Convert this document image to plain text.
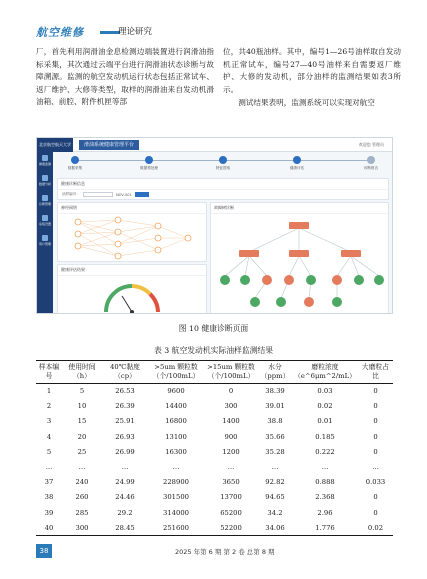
航空维修	理论研究

厂，首先利用润滑油金息检测边端装置进行润滑油指标采集，其次通过云端平台进行润滑油状态诊断与故障溯源。监测的航空发动机运行状态包括正常试车、返厂维护、大修等类型，取样的润滑油来自发动机滑油箱、前腔、附件机匣等部

位，共40瓶油样。其中，编号1—26号油样取自发动机正常试车，编号27—40号油样来自需要返厂维护、大修的发动机，部分油样的监测结果如表3所示。

测试结果表明，监测系统可以实现对航空

北京航空航天大学	滑油系统健康管理平台	欢迎您 管理员
健康监测
数据分析
诊断管理
系统设置
用户管理
数据采集	数据预处理	特征提取	健康评估	诊断报告
健康诊断信息
油样编号：	NOV-001
神经网络	故障树诊断
健康评估结果
图 10 健康诊断页面
表 3 航空发动机实际油样监测结果
样本编号	使用时间（h）	40℃黏度（cp）	>5um 颗粒数（个/100mL）	>15um 颗粒数（个/100mL）	水分（ppm）	磨粒浓度（e^6μm^2/mL）	大磨粒占比
1	5	26.53	9600	0	38.39	0.03	0
2	10	26.39	14400	300	39.01	0.02	0
3	15	25.91	16800	1400	38.8	0.01	0
4	20	26.93	13100	900	35.66	0.185	0
5	25	26.99	16300	1200	35.28	0.222	0
…	…	…	…	…	…	…	…
37	240	24.99	228900	3650	92.82	0.888	0.033
38	260	24.46	301500	13700	94.65	2.368	0
39	285	29.2	314000	65200	34.2	2.96	0
40	300	28.45	251600	52200	34.06	1.776	0.02
38	2025 年第 6 期 第 2 卷 总第 8 期
